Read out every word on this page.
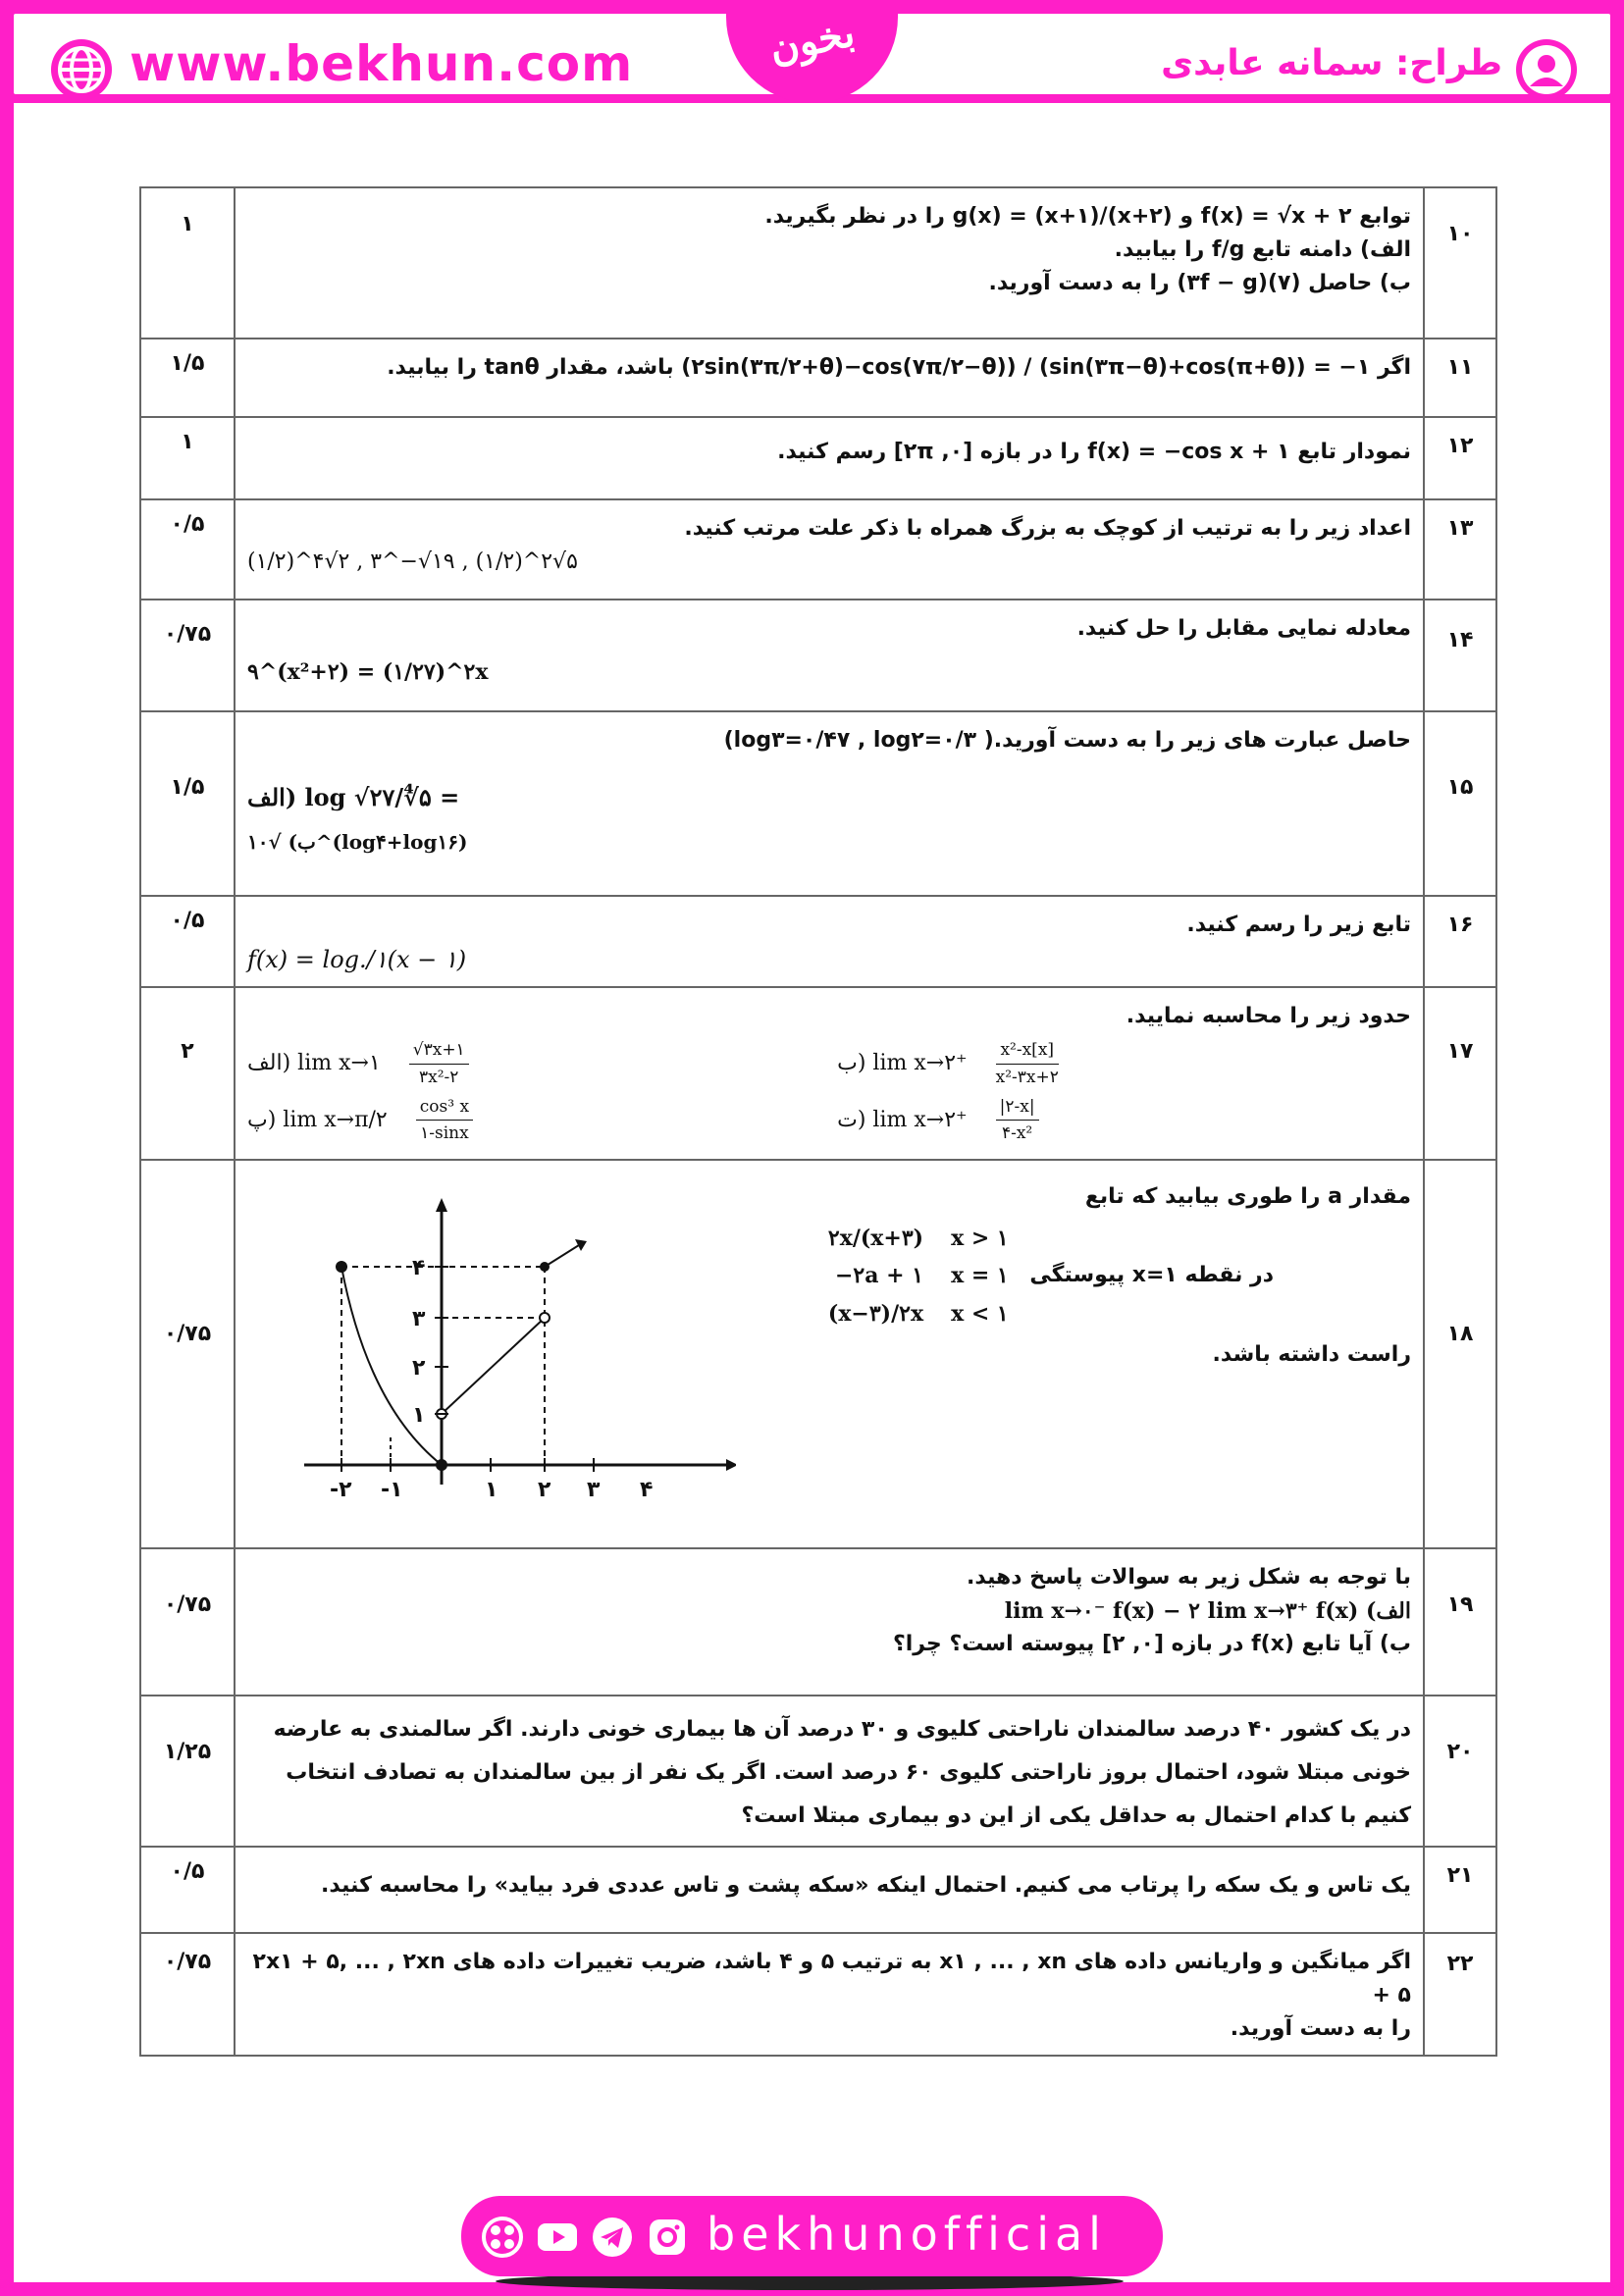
www.bekhun.com	طراح: سمانه عابدی
بخون
۱۰	
توابع ۲ + f(x) = √x و g(x) = (x+۱)/(x+۲) را در نظر بگیرید.
الف) دامنه تابع f/g را بیابید.
ب) حاصل (۷)(۳f − g) را به دست آورید.
	۱
۱۱	
اگر ۱− = (sin(۳π−θ)+cos(π+θ)) / (۲sin(۳π/۲+θ)−cos(۷π/۲−θ)) باشد، مقدار tanθ را بیابید.
	۱/۵
۱۲	
نمودار تابع ۱ + f(x) = −cos x را در بازه [۰, ۲π] رسم کنید.
	۱
۱۳	
اعداد زیر را به ترتیب از کوچک به بزرگ همراه با ذکر علت مرتب کنید.
(۱/۲)^۴√۲ , ۳^−√۱۹ , (۱/۲)^۲√۵
	۰/۵
۱۴	
معادله نمایی مقابل را حل کنید.
۹^(x²+۲) = (۱/۲۷)^۲x
	۰/۷۵
۱۵	
حاصل عبارت های زیر را به دست آورید.( log۳=۰/۴۷ , log۲=۰/۳)
الف) log √۲۷/∜۵ =
ب) √۱۰^(log۴+log۱۶)
	۱/۵
۱۶	
تابع زیر را رسم کنید.
f(x) = log./۱(x − ۱)
	۰/۵
۱۷	
حدود زیر را محاسبه نمایید.
ب) lim x→۲⁺ $\frac{\text{x²-x[x]}}{\text{x²-۳x+۲}}$
الف) lim x→۱ $\frac{√۳x+۱}{\text{۳x²-۲}}$
ت) lim x→۲⁺ $\frac{|۲-x|}{\text{۴-x²}}$
پ) lim x→π/۲ $\frac{\text{cos³ x}}{۱-\sin x}$
	۲
۱۸	
مقدار a را طوری بیابید که تابع
در نقطه x=۱ پیوستگی
۲x/(x+۳)	x > ۱
−۲a + ۱	x = ۱
(x−۳)/۲x	x < ۱
راست داشته باشد.
-۲ -۱	۱ ۲ ۳ ۴
۱
۲
۳
۴
	۰/۷۵
۱۹	
با توجه به شکل زیر به سوالات پاسخ دهید.
الف) lim x→۰⁻ f(x) − ۲ lim x→۳⁺ f(x)
ب) آیا تابع f(x) در بازه [۰, ۲] پیوسته است؟ چرا؟
	۰/۷۵
۲۰	
در یک کشور ۴۰ درصد سالمندان ناراحتی کلیوی و ۳۰ درصد آن ها بیماری خونی دارند. اگر سالمندی به عارضه خونی مبتلا شود، احتمال بروز ناراحتی کلیوی ۶۰ درصد است. اگر یک نفر از بین سالمندان به تصادف انتخاب کنیم با کدام احتمال به حداقل یکی از این دو بیماری مبتلا است؟
	۱/۲۵
۲۱	
یک تاس و یک سکه را پرتاب می کنیم. احتمال اینکه «سکه پشت و تاس عددی فرد بیاید» را محاسبه کنید.
	۰/۵
۲۲	
اگر میانگین و واریانس داده های x۱ , ... , xn به ترتیب ۵ و ۴ باشد، ضریب تغییرات داده های ۲x۱ + ۵, ... , ۲xn + ۵
را به دست آورید.
	۰/۷۵
bekhunofficial
